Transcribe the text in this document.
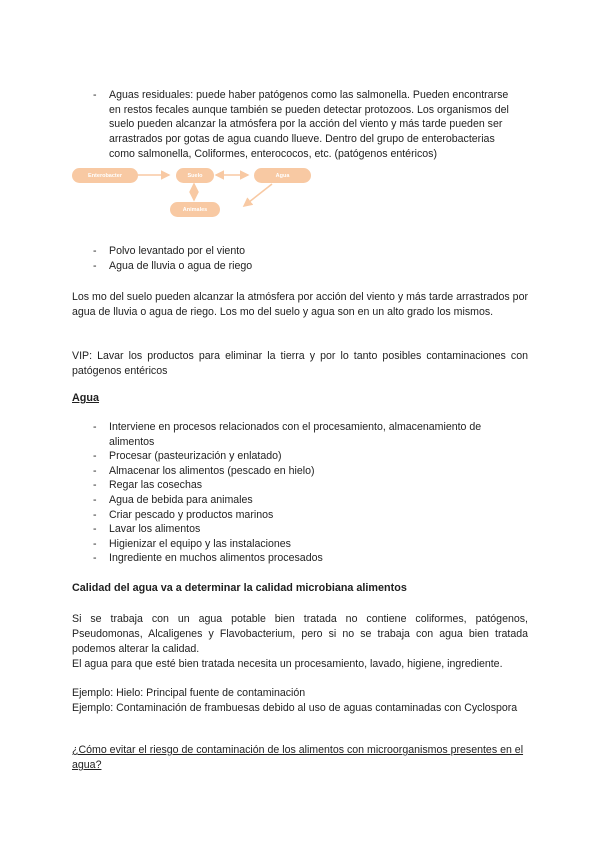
- Aguas residuales: puede haber patógenos como las salmonella. Pueden encontrarse
en restos fecales aunque también se pueden detectar protozoos. Los organismos del
suelo pueden alcanzar la atmósfera por la acción del viento y más tarde pueden ser
arrastrados por gotas de agua cuando llueve. Dentro del grupo de enterobacterias
como salmonella, Coliformes, enterococos, etc. (patógenos entéricos)
Enterobacter	Suelo	Agua
Animales
- Polvo levantado por el viento
- Agua de lluvia o agua de riego

Los mo del suelo pueden alcanzar la atmósfera por acción del viento y más tarde arrastrados por agua de lluvia o agua de riego. Los mo del suelo y agua son en un alto grado los mismos.

VIP: Lavar los productos para eliminar la tierra y por lo tanto posibles contaminaciones con patógenos entéricos

Agua
- Interviene en procesos relacionados con el procesamiento, almacenamiento de
alimentos
- Procesar (pasteurización y enlatado)
- Almacenar los alimentos (pescado en hielo)
- Regar las cosechas
- Agua de bebida para animales
- Criar pescado y productos marinos
- Lavar los alimentos
- Higienizar el equipo y las instalaciones
- Ingrediente en muchos alimentos procesados
Calidad del agua va a determinar la calidad microbiana alimentos

Si se trabaja con un agua potable bien tratada no contiene coliformes, patógenos, Pseudomonas, Alcaligenes y Flavobacterium, pero si no se trabaja con agua bien tratada podemos alterar la calidad.

El agua para que esté bien tratada necesita un procesamiento, lavado, higiene, ingrediente.

Ejemplo: Hielo: Principal fuente de contaminación

Ejemplo: Contaminación de frambuesas debido al uso de aguas contaminadas con Cyclospora

¿Cómo evitar el riesgo de contaminación de los alimentos con microorganismos presentes en el agua?
